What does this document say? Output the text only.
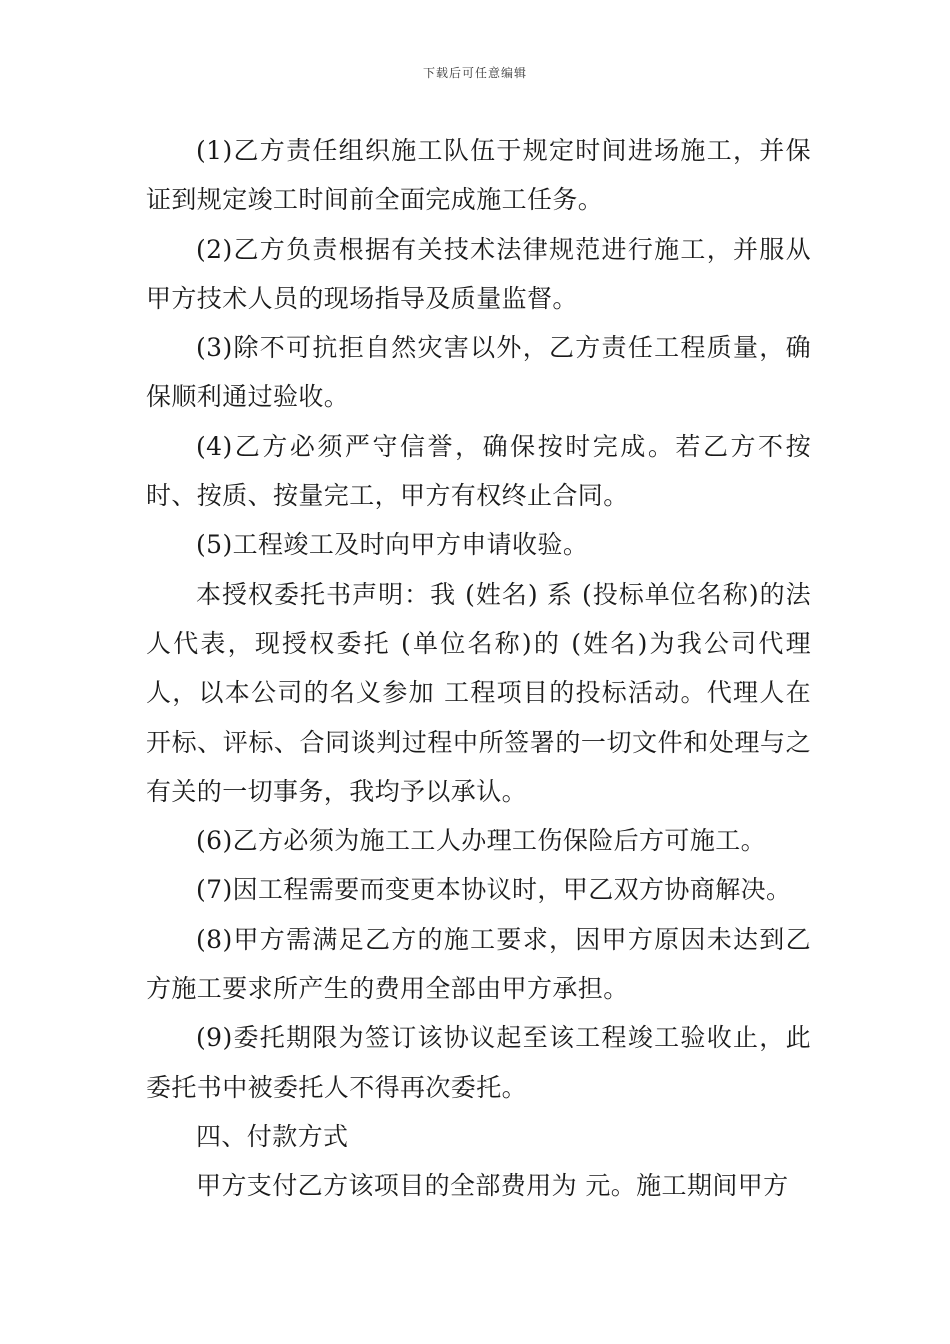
下载后可任意编辑

(1)乙方责任组织施工队伍于规定时间进场施工，并保证到规定竣工时间前全面完成施工任务。

(2)乙方负责根据有关技术法律规范进行施工，并服从甲方技术人员的现场指导及质量监督。

(3)除不可抗拒自然灾害以外，乙方责任工程质量，确保顺利通过验收。

(4)乙方必须严守信誉，确保按时完成。若乙方不按时、按质、按量完工，甲方有权终止合同。

(5)工程竣工及时向甲方申请收验。

本授权委托书声明：我 (姓名) 系 (投标单位名称)的法人代表，现授权委托 (单位名称)的 (姓名)为我公司代理人，以本公司的名义参加 工程项目的投标活动。代理人在开标、评标、合同谈判过程中所签署的一切文件和处理与之有关的一切事务，我均予以承认。

(6)乙方必须为施工工人办理工伤保险后方可施工。

(7)因工程需要而变更本协议时，甲乙双方协商解决。

(8)甲方需满足乙方的施工要求，因甲方原因未达到乙方施工要求所产生的费用全部由甲方承担。

(9)委托期限为签订该协议起至该工程竣工验收止，此委托书中被委托人不得再次委托。

四、付款方式

甲方支付乙方该项目的全部费用为 元。施工期间甲方
